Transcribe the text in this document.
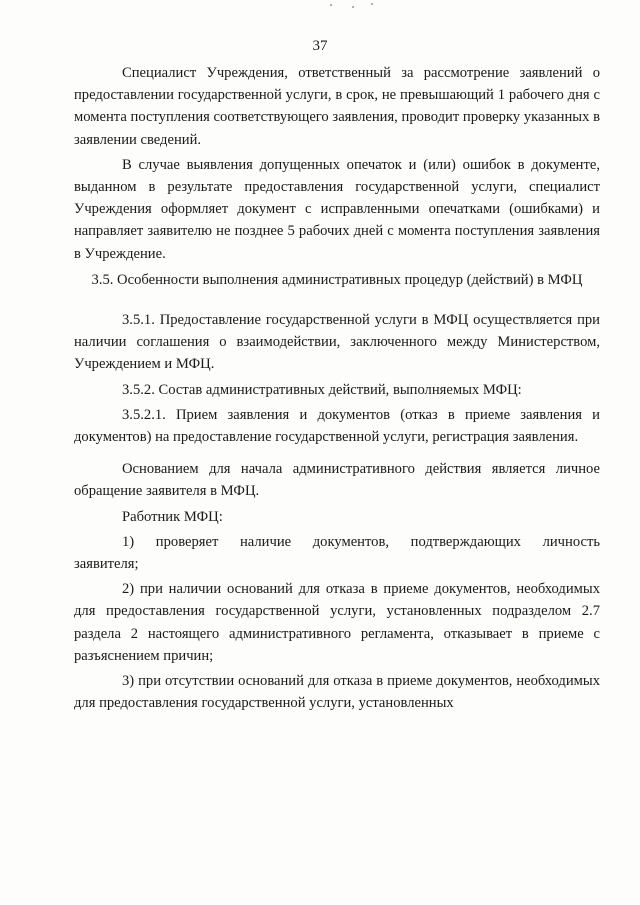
37

Специалист Учреждения, ответственный за рассмотрение заявлений о предоставлении государственной услуги, в срок, не превышающий 1 рабочего дня с момента поступления соответствующего заявления, проводит проверку указанных в заявлении сведений.

В случае выявления допущенных опечаток и (или) ошибок в документе, выданном в результате предоставления государственной услуги, специалист Учреждения оформляет документ с исправленными опечатками (ошибками) и направляет заявителю не позднее 5 рабочих дней с момента поступления заявления в Учреждение.

3.5. Особенности выполнения административных процедур (действий) в МФЦ

3.5.1. Предоставление государственной услуги в МФЦ осуществляется при наличии соглашения о взаимодействии, заключенного между Министерством, Учреждением и МФЦ.

3.5.2. Состав административных действий, выполняемых МФЦ:

3.5.2.1. Прием заявления и документов (отказ в приеме заявления и документов) на предоставление государственной услуги, регистрация заявления.

Основанием для начала административного действия является личное обращение заявителя в МФЦ.

Работник МФЦ:

1) проверяет наличие документов, подтверждающих личность заявителя;

2) при наличии оснований для отказа в приеме документов, необходимых для предоставления государственной услуги, установленных подразделом 2.7 раздела 2 настоящего административного регламента, отказывает в приеме с разъяснением причин;

3) при отсутствии оснований для отказа в приеме документов, необходимых для предоставления государственной услуги, установленных
